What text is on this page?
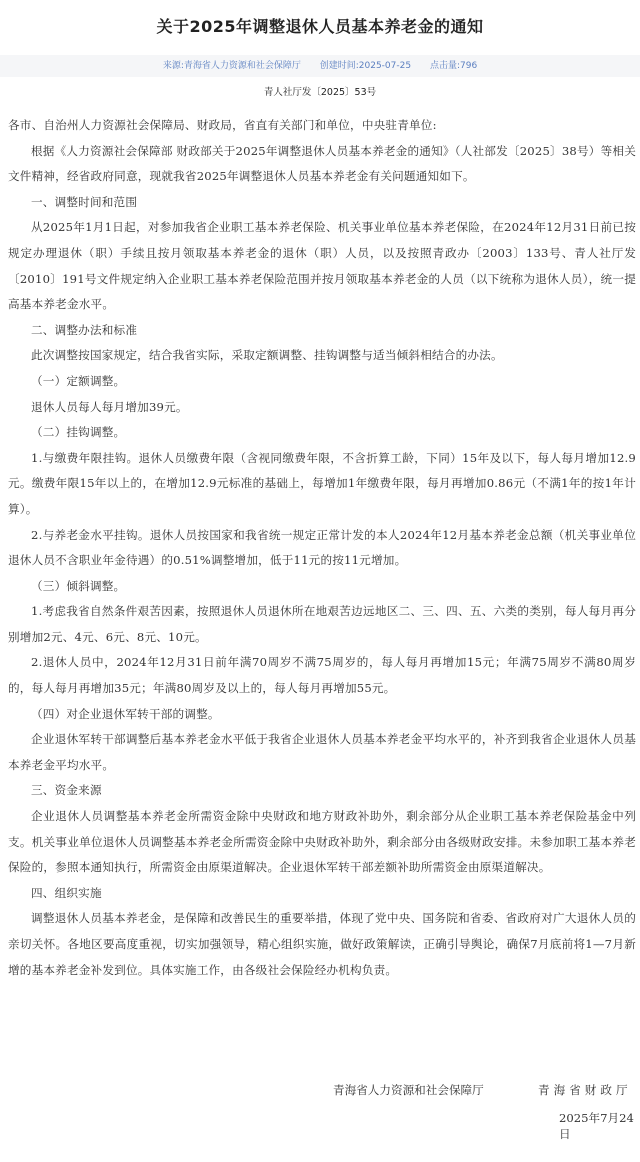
关于2025年调整退休人员基本养老金的通知
来源:青海省人力资源和社会保障厅 创建时间:2025-07-25 点击量:796
青人社厅发〔2025〕53号

各市、自治州人力资源社会保障局、财政局，省直有关部门和单位，中央驻青单位:

根据《人力资源社会保障部 财政部关于2025年调整退休人员基本养老金的通知》（人社部发〔2025〕38号）等相关文件精神，经省政府同意，现就我省2025年调整退休人员基本养老金有关问题通知如下。

一、调整时间和范围

从2025年1月1日起，对参加我省企业职工基本养老保险、机关事业单位基本养老保险，在2024年12月31日前已按规定办理退休（职）手续且按月领取基本养老金的退休（职）人员，以及按照青政办〔2003〕133号、青人社厅发〔2010〕191号文件规定纳入企业职工基本养老保险范围并按月领取基本养老金的人员（以下统称为退休人员），统一提高基本养老金水平。

二、调整办法和标准

此次调整按国家规定，结合我省实际，采取定额调整、挂钩调整与适当倾斜相结合的办法。

（一）定额调整。

退休人员每人每月增加39元。

（二）挂钩调整。

1.与缴费年限挂钩。退休人员缴费年限（含视同缴费年限，不含折算工龄，下同）15年及以下，每人每月增加12.9元。缴费年限15年以上的，在增加12.9元标准的基础上，每增加1年缴费年限，每月再增加0.86元（不满1年的按1年计算）。

2.与养老金水平挂钩。退休人员按国家和我省统一规定正常计发的本人2024年12月基本养老金总额（机关事业单位退休人员不含职业年金待遇）的0.51%调整增加，低于11元的按11元增加。

（三）倾斜调整。

1.考虑我省自然条件艰苦因素，按照退休人员退休所在地艰苦边远地区二、三、四、五、六类的类别，每人每月再分别增加2元、4元、6元、8元、10元。

2.退休人员中，2024年12月31日前年满70周岁不满75周岁的，每人每月再增加15元；年满75周岁不满80周岁的，每人每月再增加35元；年满80周岁及以上的，每人每月再增加55元。

（四）对企业退休军转干部的调整。

企业退休军转干部调整后基本养老金水平低于我省企业退休人员基本养老金平均水平的，补齐到我省企业退休人员基本养老金平均水平。

三、资金来源

企业退休人员调整基本养老金所需资金除中央财政和地方财政补助外，剩余部分从企业职工基本养老保险基金中列支。机关事业单位退休人员调整基本养老金所需资金除中央财政补助外，剩余部分由各级财政安排。未参加职工基本养老保险的，参照本通知执行，所需资金由原渠道解决。企业退休军转干部差额补助所需资金由原渠道解决。

四、组织实施

调整退休人员基本养老金，是保障和改善民生的重要举措，体现了党中央、国务院和省委、省政府对广大退休人员的亲切关怀。各地区要高度重视，切实加强领导，精心组织实施，做好政策解读，正确引导舆论，确保7月底前将1—7月新增的基本养老金补发到位。具体实施工作，由各级社会保险经办机构负责。

青海省人力资源和社会保障厅	青海省财政厅
2025年7月24日
